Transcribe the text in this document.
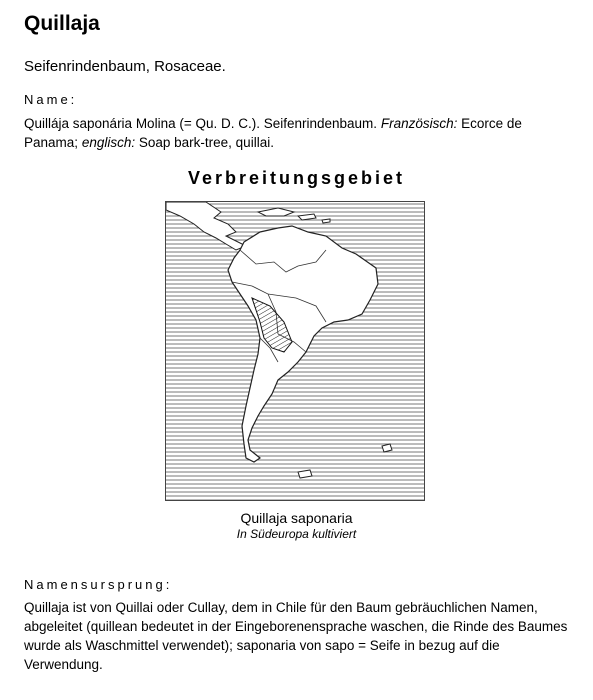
Quillaja
Seifenrindenbaum, Rosaceae.
Name:
Quillája saponária Molina (= Qu. D. C.). Seifenrindenbaum. Französisch: Ecorce de Panama; englisch: Soap bark-tree, quillai.
Verbreitungsgebiet
Quillaja saponaria
In Südeuropa kultiviert
Namensursprung:
Quillaja ist von Quillai oder Cullay, dem in Chile für den Baum gebräuchlichen Namen, abgeleitet (quillean bedeutet in der Eingeborenensprache waschen, die Rinde des Baumes wurde als Waschmittel verwendet); saponaria von sapo = Seife in bezug auf die Verwendung.
